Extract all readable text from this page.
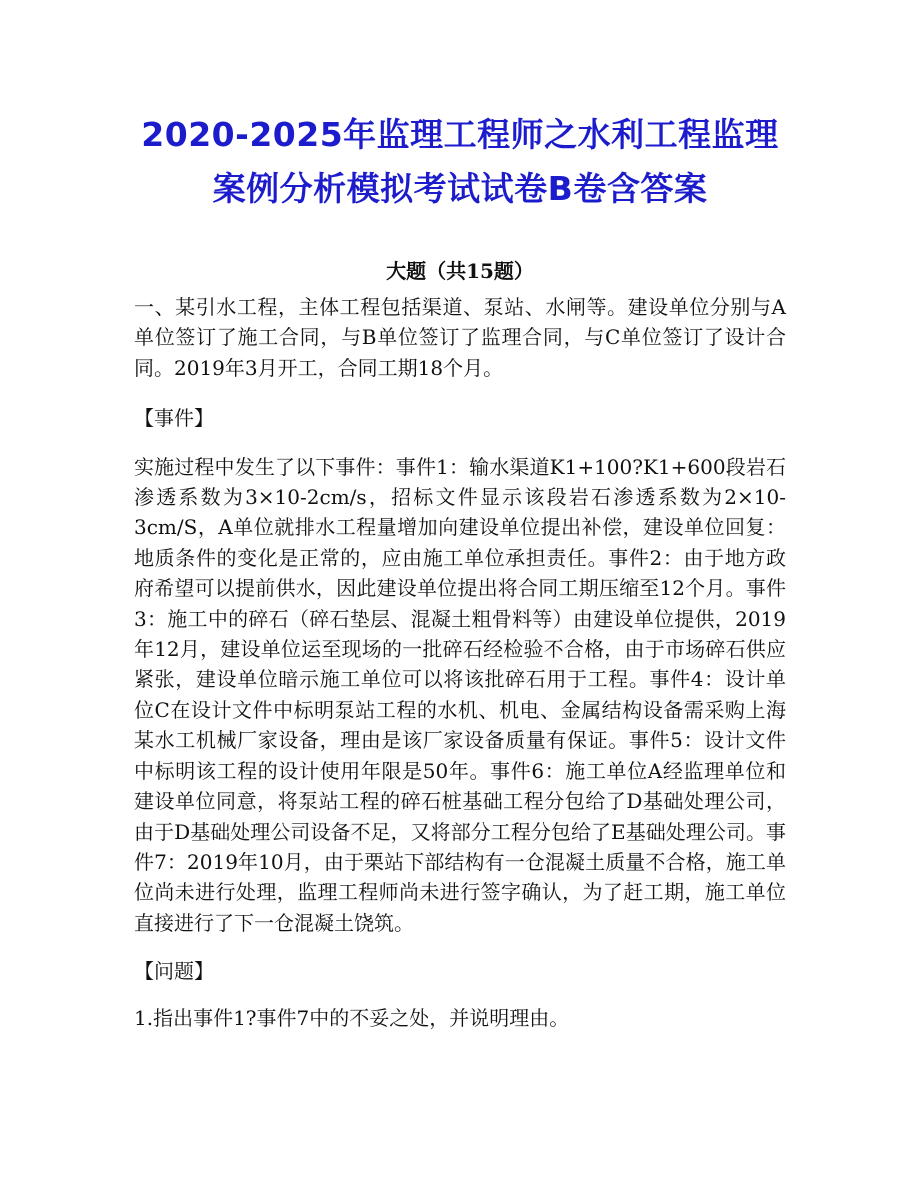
2020-2025年监理工程师之水利工程监理
案例分析模拟考试试卷B卷含答案

大题（共15题）

一、某引水工程，主体工程包括渠道、泵站、水闸等。建设单位分别与A单位签订了施工合同，与B单位签订了监理合同，与C单位签订了设计合同。2019年3月开工，合同工期18个月。

【事件】

实施过程中发生了以下事件：事件1：输水渠道K1+100?K1+600段岩石渗透系数为3×10-2cm/s，招标文件显示该段岩石渗透系数为2×10-3cm/S，A单位就排水工程量增加向建设单位提出补偿，建设单位回复：地质条件的变化是正常的，应由施工单位承担责任。事件2：由于地方政府希望可以提前供水，因此建设单位提出将合同工期压缩至12个月。事件3：施工中的碎石（碎石垫层、混凝土粗骨料等）由建设单位提供，2019年12月，建设单位运至现场的一批碎石经检验不合格，由于市场碎石供应紧张，建设单位暗示施工单位可以将该批碎石用于工程。事件4：设计单位C在设计文件中标明泵站工程的水机、机电、金属结构设备需采购上海某水工机械厂家设备，理由是该厂家设备质量有保证。事件5：设计文件中标明该工程的设计使用年限是50年。事件6：施工单位A经监理单位和建设单位同意，将泵站工程的碎石桩基础工程分包给了D基础处理公司，由于D基础处理公司设备不足，又将部分工程分包给了E基础处理公司。事件7：2019年10月，由于栗站下部结构有一仓混凝土质量不合格，施工单位尚未进行处理，监理工程师尚未进行签字确认，为了赶工期，施工单位直接进行了下一仓混凝土饶筑。

【问题】

1.指出事件1?事件7中的不妥之处，并说明理由。
